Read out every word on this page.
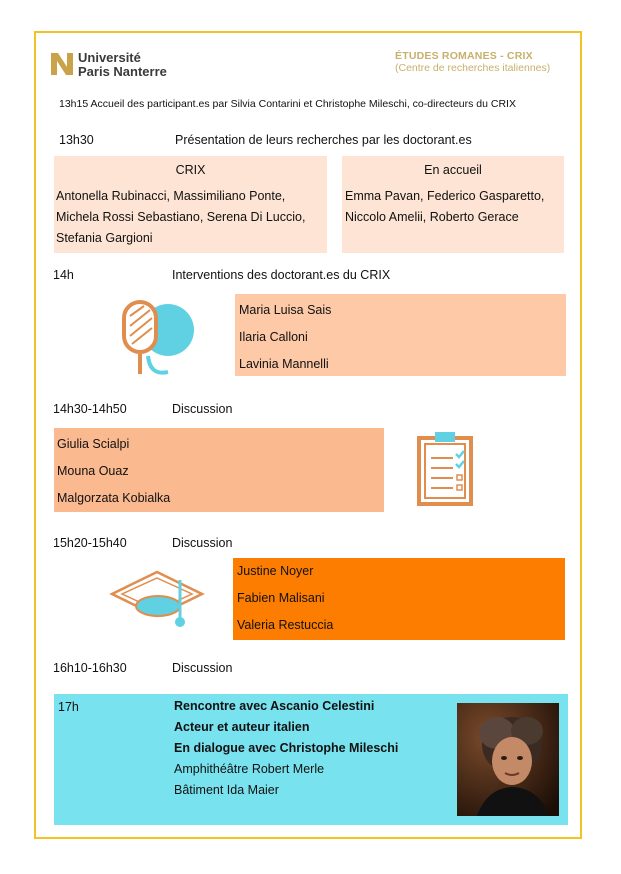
Université
Paris Nanterre
ÉTUDES ROMANES - CRIX
(Centre de recherches italiennes)
13h15 Accueil des participant.es par Silvia Contarini et Christophe Mileschi, co-directeurs du CRIX
13h30	Présentation de leurs recherches par les doctorant.es
CRIX
Antonella Rubinacci, Massimiliano Ponte,
Michela Rossi Sebastiano, Serena Di Luccio,
Stefania Gargioni
En accueil
Emma Pavan, Federico Gasparetto,
Niccolo Amelii, Roberto Gerace
14h	Interventions des doctorant.es du CRIX
Maria Luisa Sais
Ilaria Calloni
Lavinia Mannelli
14h30-14h50	Discussion
Giulia Scialpi
Mouna Ouaz
Malgorzata Kobialka
15h20-15h40	Discussion
Justine Noyer
Fabien Malisani
Valeria Restuccia
16h10-16h30	Discussion
17h	Rencontre avec Ascanio Celestini
Acteur et auteur italien
En dialogue avec Christophe Mileschi
Amphithéâtre Robert Merle
Bâtiment Ida Maier
